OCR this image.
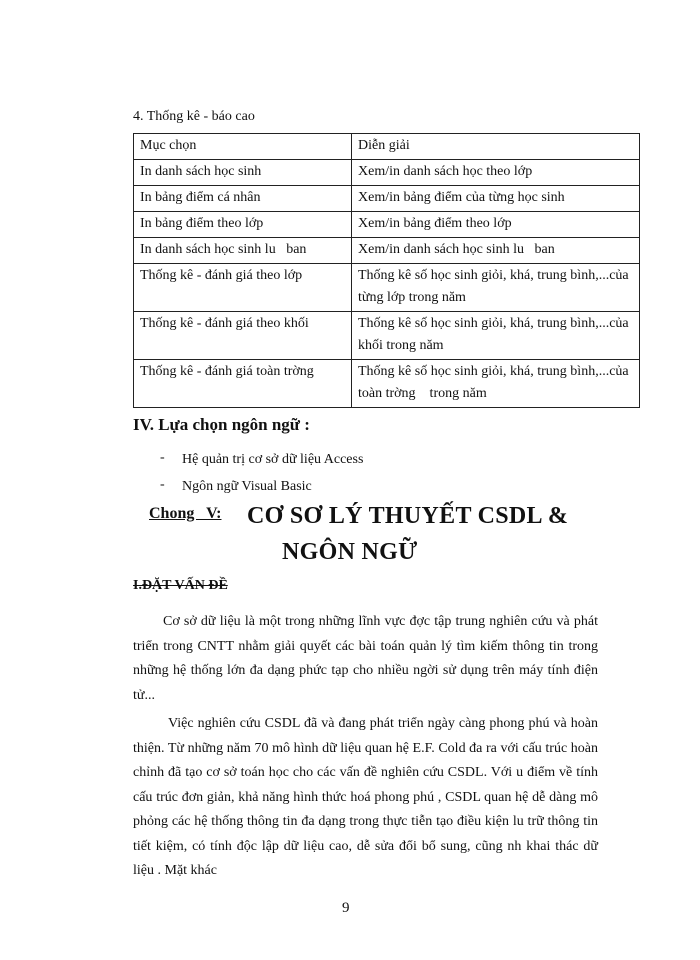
4. Thống kê - báo cao
Mục chọn	Diễn giải
In danh sách học sinh	Xem/in danh sách học theo lớp
In bảng điểm cá nhân	Xem/in bảng điểm của từng học sinh
In bảng điểm theo lớp	Xem/in bảng điểm theo lớp
In danh sách học sinh lu   ban	Xem/in danh sách học sinh lu   ban
Thống kê - đánh giá theo lớp	Thống kê số học sinh giỏi, khá, trung bình,...của từng lớp trong năm
Thống kê - đánh giá theo khối	Thống kê số học sinh giỏi, khá, trung bình,...của khối trong năm
Thống kê - đánh giá toàn trờng	Thống kê số học sinh giỏi, khá, trung bình,...của toàn trờng    trong năm
IV. Lựa chọn ngôn ngữ :
- Hệ quản trị cơ sở dữ liệu Access
- Ngôn ngữ Visual Basic
Chong   V: CƠ SƠ LÝ THUYẾT CSDL &
NGÔN NGỮ
I.ĐẶT VẤN ĐỀ

Cơ sở dữ liệu là một trong những lĩnh vực đợc tập trung nghiên cứu và phát triển trong CNTT nhằm giải quyết các bài toán quản lý tìm kiếm thông tin trong những hệ thống lớn đa dạng phức tạp cho nhiều ngời sử dụng trên máy tính điện tử...

Việc nghiên cứu CSDL đã và đang phát triển ngày càng phong phú và hoàn thiện. Từ những năm 70 mô hình dữ liệu quan hệ E.F. Cold đa ra với cấu trúc hoàn chỉnh đã tạo cơ sở toán học cho các vấn đề nghiên cứu CSDL. Với u điểm về tính cấu trúc đơn giản, khả năng hình thức hoá phong phú , CSDL quan hệ dễ dàng mô phỏng các hệ thống thông tin đa dạng trong thực tiễn tạo điều kiện lu trữ thông tin tiết kiệm, có tính độc lập dữ liệu cao, dễ sửa đổi bổ sung, cũng nh khai thác dữ liệu . Mặt khác

9
